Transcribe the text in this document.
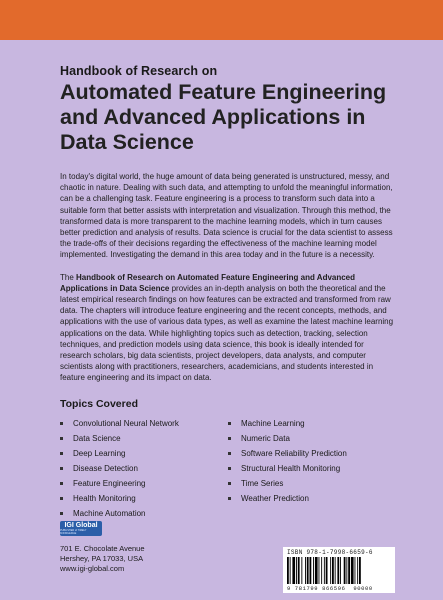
Handbook of Research on
Automated Feature Engineering and Advanced Applications in Data Science
In today's digital world, the huge amount of data being generated is unstructured, messy, and chaotic in nature. Dealing with such data, and attempting to unfold the meaningful information, can be a challenging task. Feature engineering is a process to transform such data into a suitable form that better assists with interpretation and visualization. Through this method, the transformed data is more transparent to the machine learning models, which in turn causes better prediction and analysis of results. Data science is crucial for the data scientist to assess the trade-offs of their decisions regarding the effectiveness of the machine learning model implemented. Investigating the demand in this area today and in the future is a necessity.
The Handbook of Research on Automated Feature Engineering and Advanced Applications in Data Science provides an in-depth analysis on both the theoretical and the latest empirical research findings on how features can be extracted and transformed from raw data. The chapters will introduce feature engineering and the recent concepts, methods, and applications with the use of various data types, as well as examine the latest machine learning applications on the data. While highlighting topics such as detection, tracking, selection techniques, and prediction models using data science, this book is ideally intended for research scholars, big data scientists, project developers, data analysts, and computer scientists along with practitioners, researchers, academicians, and students interested in feature engineering and its impact on data.
Topics Covered
Convolutional Neural Network
Data Science
Deep Learning
Disease Detection
Feature Engineering
Health Monitoring
Machine Automation
Machine Learning
Numeric Data
Software Reliability Prediction
Structural Health Monitoring
Time Series
Weather Prediction
IGI Global
PUBLISHER of TIMELY KNOWLEDGE
701 E. Chocolate Avenue
Hershey, PA 17033, USA
www.igi-global.com
ISBN 978-1-7998-6659-6
9 781799 866596 90000
